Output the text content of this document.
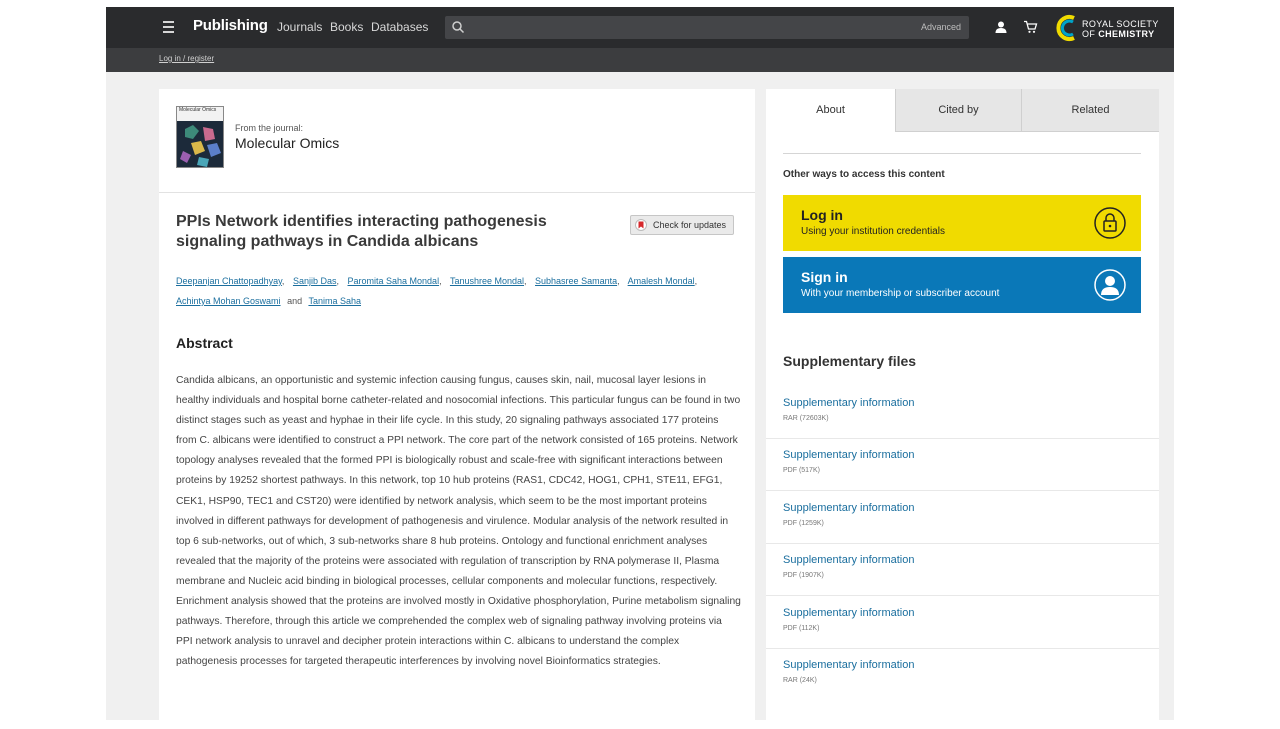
Publishing Journals Books Databases	Advanced	ROYAL SOCIETY
OF CHEMISTRY
Log in / register
Molecular Omics
From the journal:
Molecular Omics
PPIs Network identifies interacting pathogenesis signaling pathways in Candida albicans
Check for updates
Deepanjan Chattopadhyay, Sanjib Das, Paromita Saha Mondal, Tanushree Mondal, Subhasree Samanta, Amalesh Mondal,
Achintya Mohan Goswami and Tanima Saha
Abstract

Candida albicans, an opportunistic and systemic infection causing fungus, causes skin, nail, mucosal layer lesions in healthy individuals and hospital borne catheter-related and nosocomial infections. This particular fungus can be found in two distinct stages such as yeast and hyphae in their life cycle. In this study, 20 signaling pathways associated 177 proteins from C. albicans were identified to construct a PPI network. The core part of the network consisted of 165 proteins. Network topology analyses revealed that the formed PPI is biologically robust and scale-free with significant interactions between proteins by 19252 shortest pathways. In this network, top 10 hub proteins (RAS1, CDC42, HOG1, CPH1, STE11, EFG1, CEK1, HSP90, TEC1 and CST20) were identified by network analysis, which seem to be the most important proteins involved in different pathways for development of pathogenesis and virulence. Modular analysis of the network resulted in top 6 sub-networks, out of which, 3 sub-networks share 8 hub proteins. Ontology and functional enrichment analyses revealed that the majority of the proteins were associated with regulation of transcription by RNA polymerase II, Plasma membrane and Nucleic acid binding in biological processes, cellular components and molecular functions, respectively. Enrichment analysis showed that the proteins are involved mostly in Oxidative phosphorylation, Purine metabolism signaling pathways. Therefore, through this article we comprehended the complex web of signaling pathway involving proteins via PPI network analysis to unravel and decipher protein interactions within C. albicans to understand the complex pathogenesis processes for targeted therapeutic interferences by involving novel Bioinformatics strategies.

About	Cited by	Related
Other ways to access this content
Log in
Using your institution credentials
Sign in
With your membership or subscriber account
Supplementary files
Supplementary information
RAR (72603K)
Supplementary information
PDF (517K)
Supplementary information
PDF (1259K)
Supplementary information
PDF (1907K)
Supplementary information
PDF (112K)
Supplementary information
RAR (24K)
